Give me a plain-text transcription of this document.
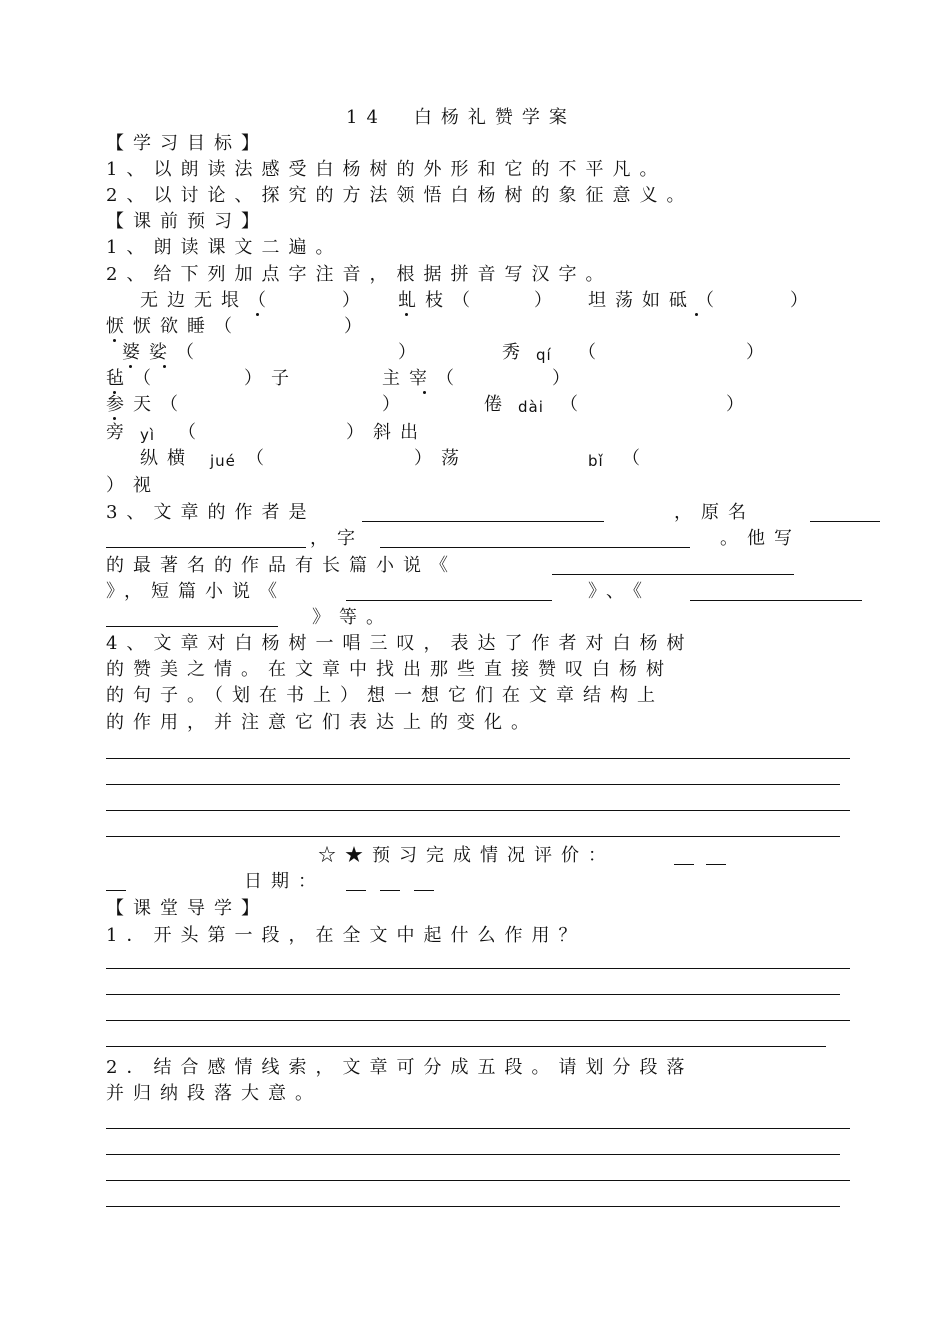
14　白杨礼赞学案
【学习目标】
1、以朗读法感受白杨树的外形和它的不平凡。
2、以讨论、探究的方法领悟白杨树的象征意义。
【课前预习】
1、朗读课文二遍。
2、给下列加点字注音，根据拼音写汉字。
无边无垠（	） 虬枝（	） 坦荡如砥（	）
恹恹欲睡（	）
婆娑（	）	秀 qí （	）
毡（	）子	主宰（	）
参天（	）	倦 dài （	）
旁 yì （	）斜出
纵横 jué （	）荡	bǐ （
）视
3、文章的作者是	，原名
，字	。他写
的最著名的作品有长篇小说《
》，短篇小说《	》、《
》等。
4、文章对白杨树一唱三叹，表达了作者对白杨树
的赞美之情。在文章中找出那些直接赞叹白杨树
的句子。（划在书上）想一想它们在文章结构上
的作用，并注意它们表达上的变化。
☆★预习完成情况评价：
日期：
【课堂导学】
1．开头第一段，在全文中起什么作用？
2．结合感情线索，文章可分成五段。请划分段落
并归纳段落大意。
